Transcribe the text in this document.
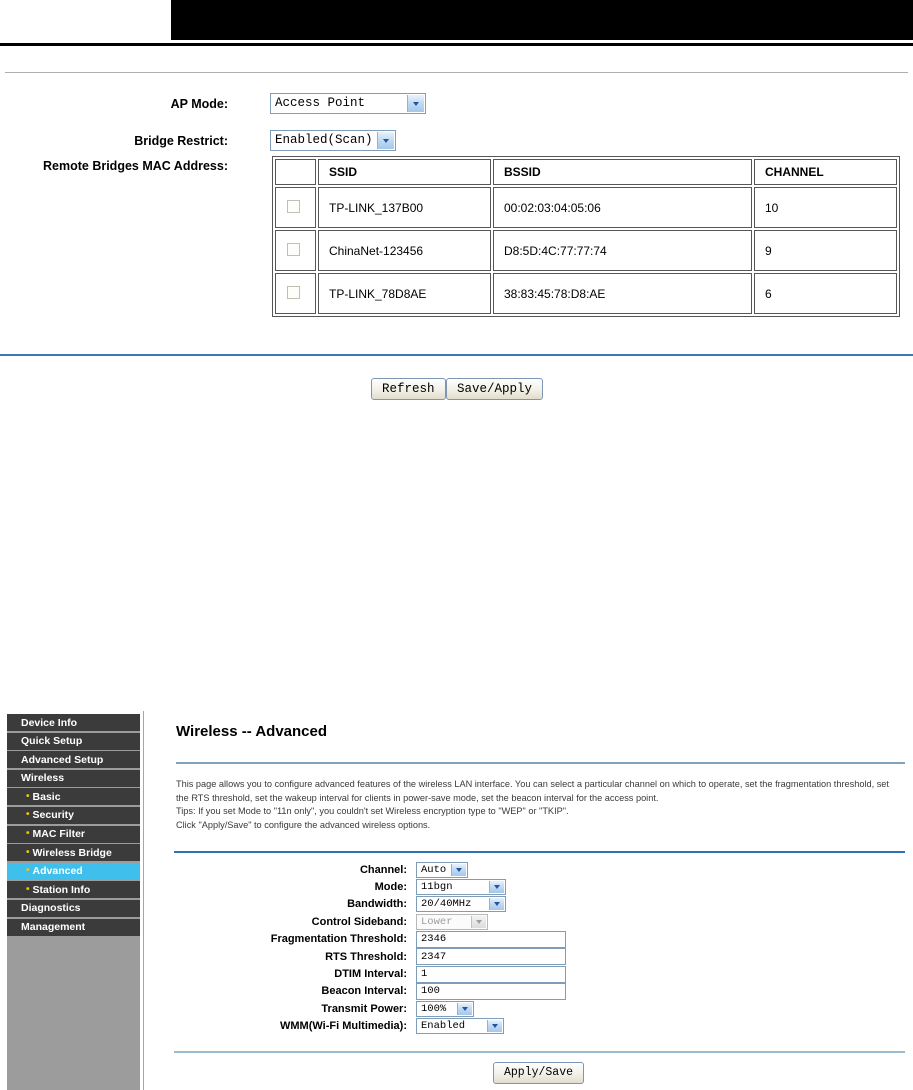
AP Mode:	Access Point
Bridge Restrict:	Enabled(Scan)
Remote Bridges MAC Address:
		SSID	BSSID	CHANNEL
	TP-LINK_137B00	00:02:03:04:05:06	10
	ChinaNet-123456	D8:5D:4C:77:77:74	9
	TP-LINK_78D8AE	38:83:45:78:D8:AE	6
Refresh	Save/Apply
Device Info
Quick Setup
Advanced Setup
Wireless
• Basic
• Security
• MAC Filter
• Wireless Bridge
• Advanced
• Station Info
Diagnostics
Management
Wireless -- Advanced
This page allows you to configure advanced features of the wireless LAN interface. You can select a particular channel on which to operate, set the fragmentation threshold, set
the RTS threshold, set the wakeup interval for clients in power-save mode, set the beacon interval for the access point.
Tips: If you set Mode to "11n only", you couldn't set Wireless encryption type to "WEP" or "TKIP".
Click "Apply/Save" to configure the advanced wireless options.
Channel:	Auto
Mode:	11bgn
Bandwidth:	20/40MHz
Control Sideband:	Lower
Fragmentation Threshold:
2346
RTS Threshold:
2347
DTIM Interval:
1
Beacon Interval:
100
Transmit Power:	100%
WMM(Wi-Fi Multimedia):	Enabled
Apply/Save
